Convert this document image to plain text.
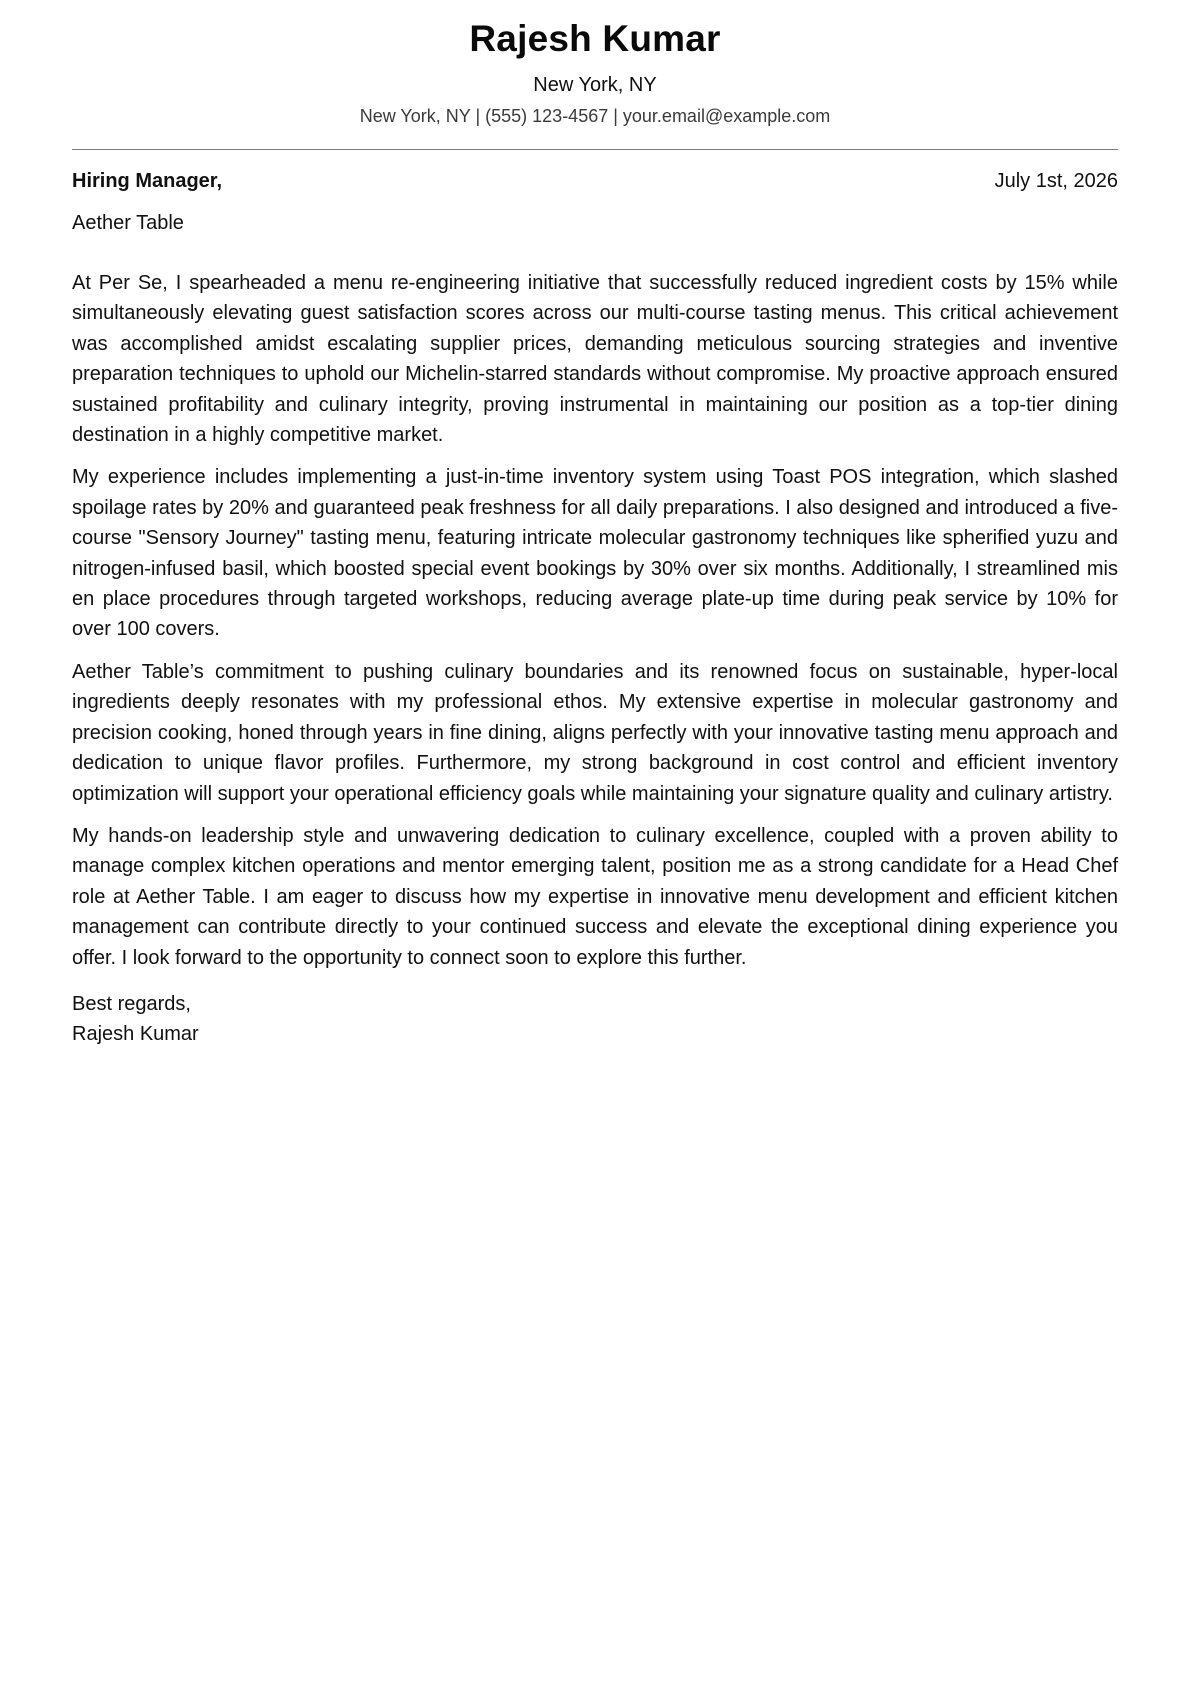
Rajesh Kumar
New York, NY
New York, NY | (555) 123-4567 | your.email@example.com
Hiring Manager,	July 1st, 2026
Aether Table

At Per Se, I spearheaded a menu re-engineering initiative that successfully reduced ingredient costs by 15% while simultaneously elevating guest satisfaction scores across our multi-course tasting menus. This critical achievement was accomplished amidst escalating supplier prices, demanding meticulous sourcing strategies and inventive preparation techniques to uphold our Michelin-starred standards without compromise. My proactive approach ensured sustained profitability and culinary integrity, proving instrumental in maintaining our position as a top-tier dining destination in a highly competitive market.

My experience includes implementing a just-in-time inventory system using Toast POS integration, which slashed spoilage rates by 20% and guaranteed peak freshness for all daily preparations. I also designed and introduced a five-course "Sensory Journey" tasting menu, featuring intricate molecular gastronomy techniques like spherified yuzu and nitrogen-infused basil, which boosted special event bookings by 30% over six months. Additionally, I streamlined mis en place procedures through targeted workshops, reducing average plate-up time during peak service by 10% for over 100 covers.

Aether Table’s commitment to pushing culinary boundaries and its renowned focus on sustainable, hyper-local ingredients deeply resonates with my professional ethos. My extensive expertise in molecular gastronomy and precision cooking, honed through years in fine dining, aligns perfectly with your innovative tasting menu approach and dedication to unique flavor profiles. Furthermore, my strong background in cost control and efficient inventory optimization will support your operational efficiency goals while maintaining your signature quality and culinary artistry.

My hands-on leadership style and unwavering dedication to culinary excellence, coupled with a proven ability to manage complex kitchen operations and mentor emerging talent, position me as a strong candidate for a Head Chef role at Aether Table. I am eager to discuss how my expertise in innovative menu development and efficient kitchen management can contribute directly to your continued success and elevate the exceptional dining experience you offer. I look forward to the opportunity to connect soon to explore this further.

Best regards,
Rajesh Kumar
